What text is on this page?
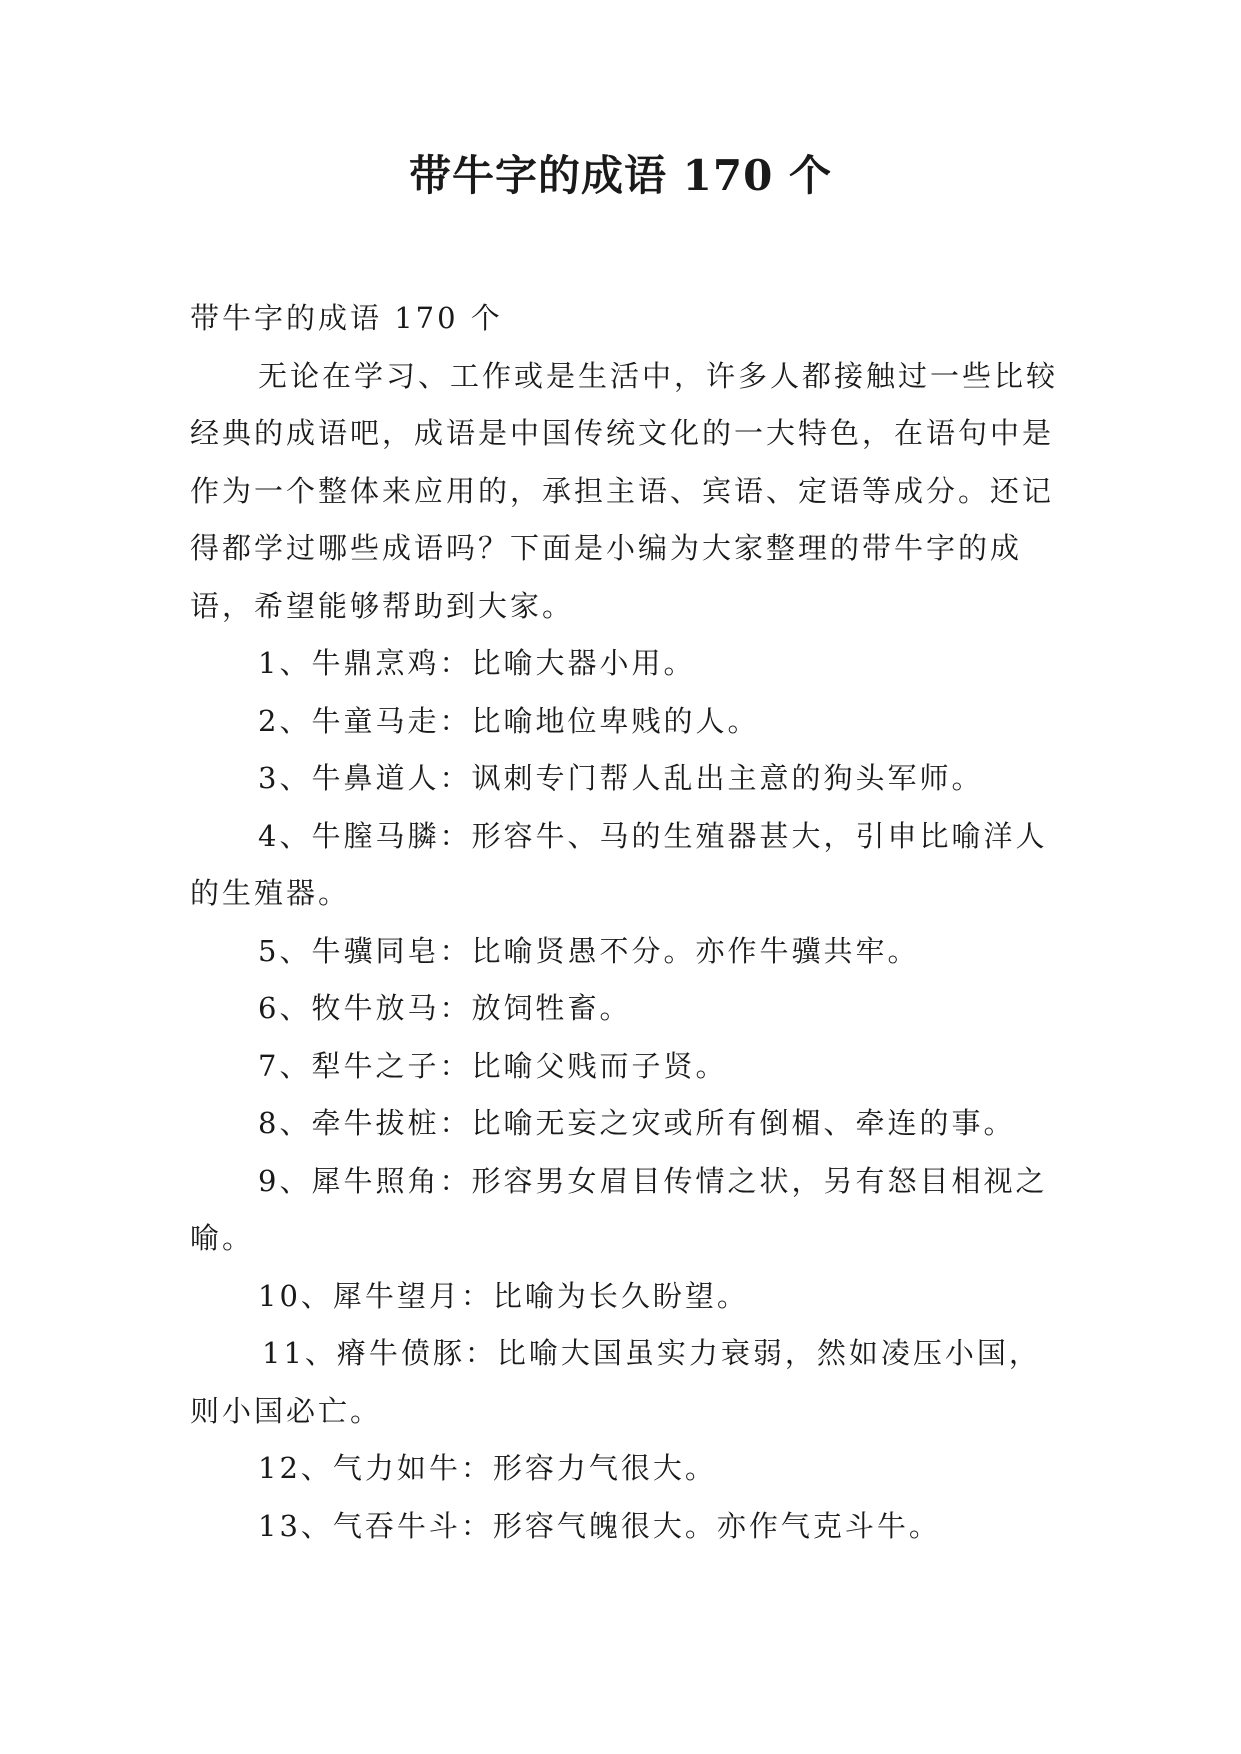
带牛字的成语 170 个

带牛字的成语 170 个

无论在学习、工作或是生活中，许多人都接触过一些比较经典的成语吧，成语是中国传统文化的一大特色，在语句中是作为一个整体来应用的，承担主语、宾语、定语等成分。还记得都学过哪些成语吗？下面是小编为大家整理的带牛字的成语，希望能够帮助到大家。

1、牛鼎烹鸡：比喻大器小用。

2、牛童马走：比喻地位卑贱的人。

3、牛鼻道人：讽刺专门帮人乱出主意的狗头军师。

4、牛膣马膦：形容牛、马的生殖器甚大，引申比喻洋人的生殖器。

5、牛骥同皂：比喻贤愚不分。亦作牛骥共牢。

6、牧牛放马：放饲牲畜。

7、犁牛之子：比喻父贱而子贤。

8、牵牛拔桩：比喻无妄之灾或所有倒楣、牵连的事。

9、犀牛照角：形容男女眉目传情之状，另有怒目相视之喻。

10、犀牛望月：比喻为长久盼望。

11、瘠牛偾豚：比喻大国虽实力衰弱，然如凌压小国，则小国必亡。

12、气力如牛：形容力气很大。

13、气吞牛斗：形容气魄很大。亦作气克斗牛。
